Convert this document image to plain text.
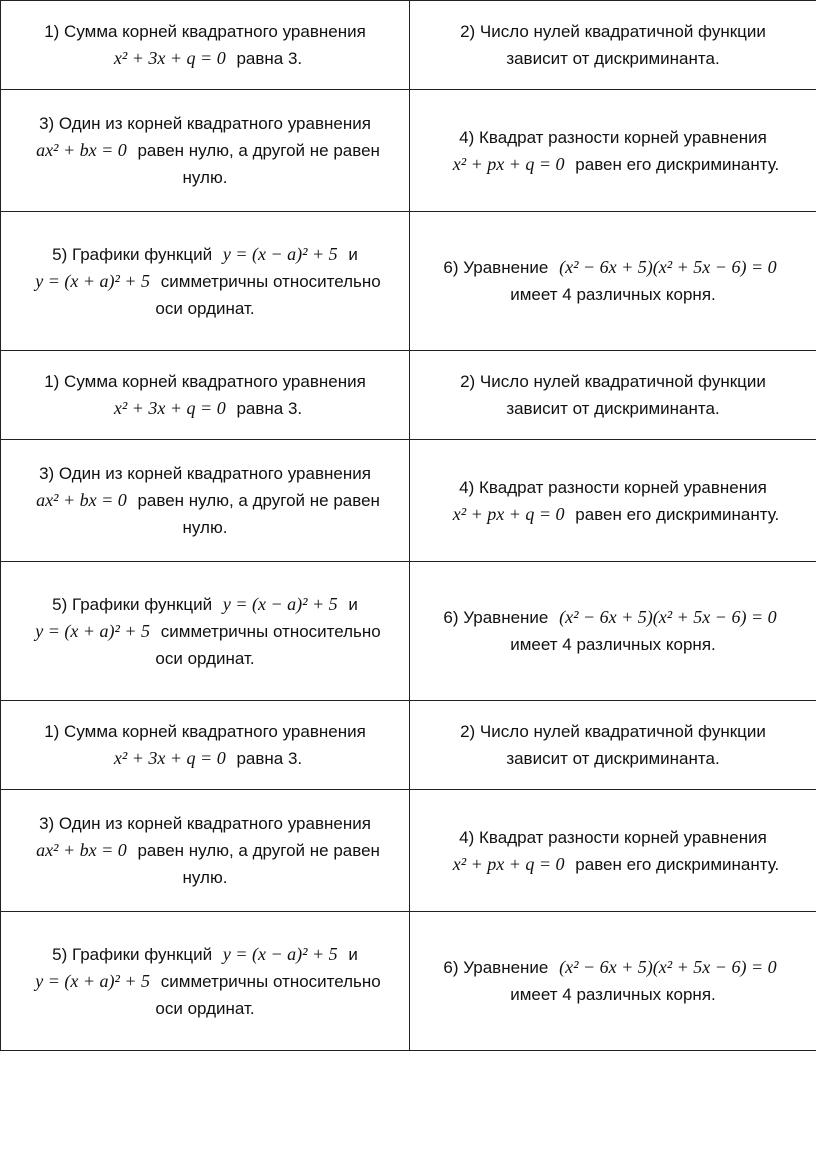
1) Сумма корней квадратного уравнения
x² + 3x + q = 0 равна 3.	2) Число нулей квадратичной функции
зависит от дискриминанта.

3) Один из корней квадратного уравнения
ax² + bx = 0 равен нулю, а другой не равен
нулю.	4) Квадрат разности корней уравнения
x² + px + q = 0 равен его дискриминанту.

5) Графики функций y = (x − a)² + 5 и
y = (x + a)² + 5 симметричны относительно
оси ординат.	6) Уравнение (x² − 6x + 5)(x² + 5x − 6) = 0
имеет 4 различных корня.

1) Сумма корней квадратного уравнения
x² + 3x + q = 0 равна 3.	2) Число нулей квадратичной функции
зависит от дискриминанта.

3) Один из корней квадратного уравнения
ax² + bx = 0 равен нулю, а другой не равен
нулю.	4) Квадрат разности корней уравнения
x² + px + q = 0 равен его дискриминанту.

5) Графики функций y = (x − a)² + 5 и
y = (x + a)² + 5 симметричны относительно
оси ординат.	6) Уравнение (x² − 6x + 5)(x² + 5x − 6) = 0
имеет 4 различных корня.

1) Сумма корней квадратного уравнения
x² + 3x + q = 0 равна 3.	2) Число нулей квадратичной функции
зависит от дискриминанта.

3) Один из корней квадратного уравнения
ax² + bx = 0 равен нулю, а другой не равен
нулю.	4) Квадрат разности корней уравнения
x² + px + q = 0 равен его дискриминанту.

5) Графики функций y = (x − a)² + 5 и
y = (x + a)² + 5 симметричны относительно
оси ординат.	6) Уравнение (x² − 6x + 5)(x² + 5x − 6) = 0
имеет 4 различных корня.
